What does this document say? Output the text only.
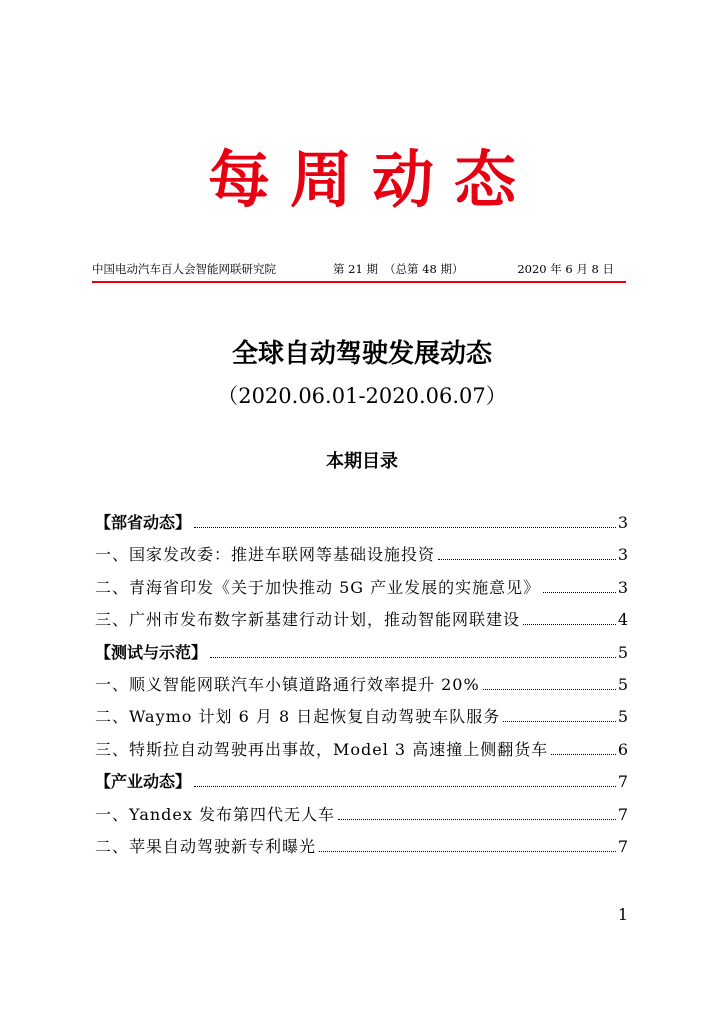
每周动态
中国电动汽车百人会智能网联研究院	第 21 期 （总第 48 期）	2020 年 6 月 8 日
全球自动驾驶发展动态
（2020.06.01-2020.06.07）
本期目录
【部省动态】	3
一、国家发改委：推进车联网等基础设施投资	3
二、青海省印发《关于加快推动 5G 产业发展的实施意见》	3
三、广州市发布数字新基建行动计划，推动智能网联建设	4
【测试与示范】	5
一、顺义智能网联汽车小镇道路通行效率提升 20%	5
二、Waymo 计划 6 月 8 日起恢复自动驾驶车队服务	5
三、特斯拉自动驾驶再出事故，Model 3 高速撞上侧翻货车	6
【产业动态】	7
一、Yandex 发布第四代无人车	7
二、苹果自动驾驶新专利曝光	7
1
